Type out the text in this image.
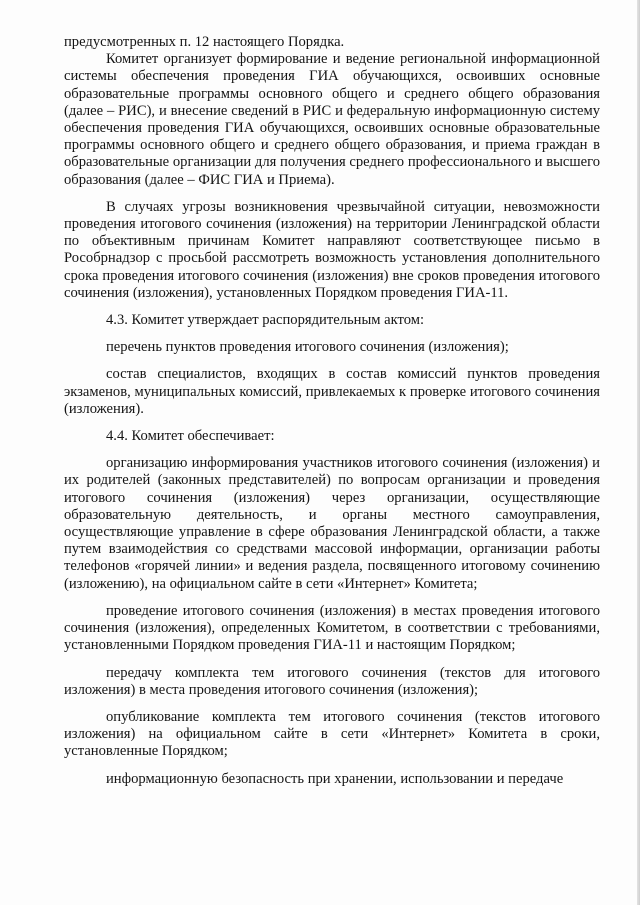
предусмотренных п. 12 настоящего Порядка.

Комитет организует формирование и ведение региональной информационной системы обеспечения проведения ГИА обучающихся, освоивших основные образовательные программы основного общего и среднего общего образования (далее – РИС), и внесение сведений в РИС и федеральную информационную систему обеспечения проведения ГИА обучающихся, освоивших основные образовательные программы основного общего и среднего общего образования, и приема граждан в образовательные организации для получения среднего профессионального и высшего образования (далее – ФИС ГИА и Приема).

В случаях угрозы возникновения чрезвычайной ситуации, невозможности проведения итогового сочинения (изложения) на территории Ленинградской области по объективным причинам Комитет направляют соответствующее письмо в Рособрнадзор с просьбой рассмотреть возможность установления дополнительного срока проведения итогового сочинения (изложения) вне сроков проведения итогового сочинения (изложения), установленных Порядком проведения ГИА-11.

4.3. Комитет утверждает распорядительным актом:

перечень пунктов проведения итогового сочинения (изложения);

состав специалистов, входящих в состав комиссий пунктов проведения экзаменов, муниципальных комиссий, привлекаемых к проверке итогового сочинения (изложения).

4.4. Комитет обеспечивает:

организацию информирования участников итогового сочинения (изложения) и их родителей (законных представителей) по вопросам организации и проведения итогового сочинения (изложения) через организации, осуществляющие образовательную деятельность, и органы местного самоуправления, осуществляющие управление в сфере образования Ленинградской области, а также путем взаимодействия со средствами массовой информации, организации работы телефонов «горячей линии» и ведения раздела, посвященного итоговому сочинению (изложению), на официальном сайте в сети «Интернет» Комитета;

проведение итогового сочинения (изложения) в местах проведения итогового сочинения (изложения), определенных Комитетом, в соответствии с требованиями, установленными Порядком проведения ГИА-11 и настоящим Порядком;

передачу комплекта тем итогового сочинения (текстов для итогового изложения) в места проведения итогового сочинения (изложения);

опубликование комплекта тем итогового сочинения (текстов итогового изложения) на официальном сайте в сети «Интернет» Комитета в сроки, установленные Порядком;

информационную безопасность при хранении, использовании и передаче
